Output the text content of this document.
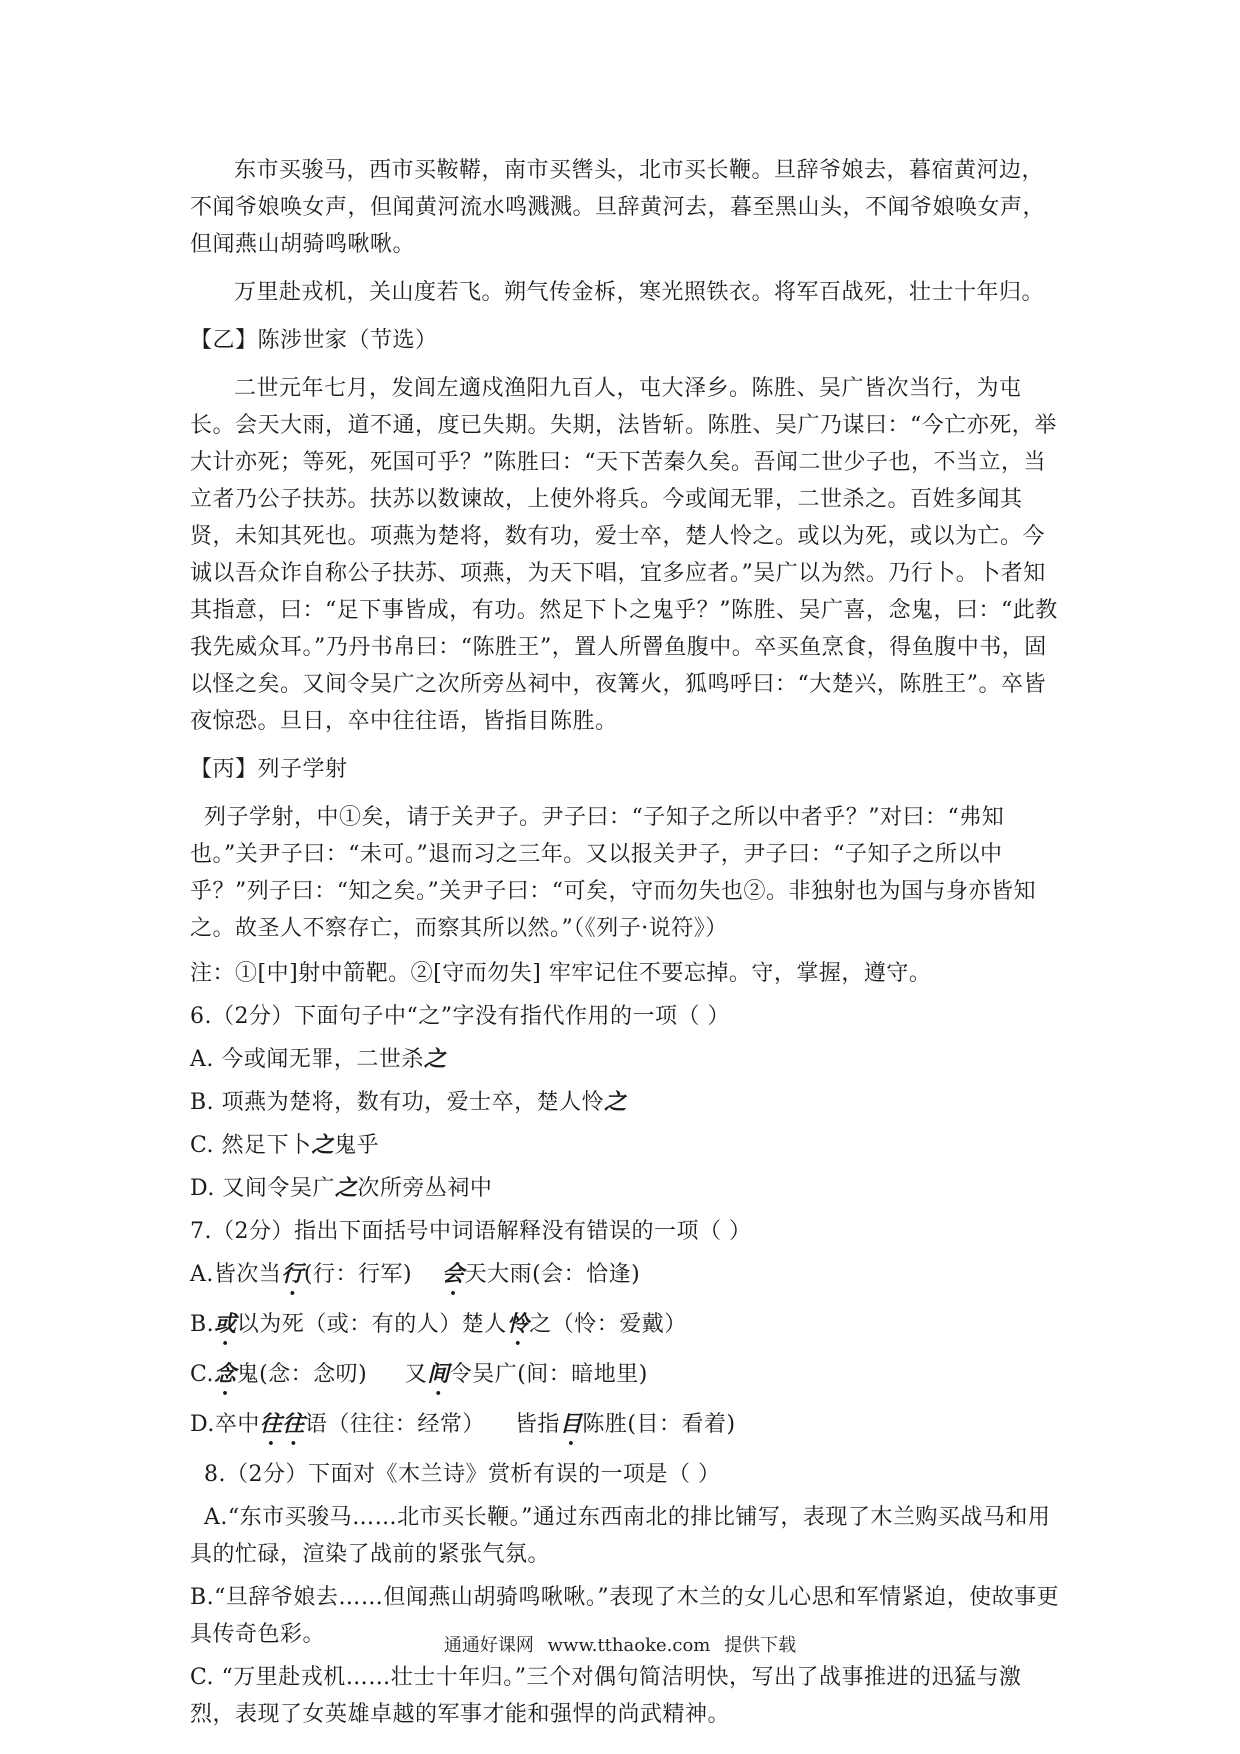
东市买骏马，西市买鞍鞯，南市买辔头，北市买长鞭。旦辞爷娘去，暮宿黄河边，不闻爷娘唤女声，但闻黄河流水鸣溅溅。旦辞黄河去，暮至黑山头，不闻爷娘唤女声，但闻燕山胡骑鸣啾啾。

万里赴戎机，关山度若飞。朔气传金柝，寒光照铁衣。将军百战死，壮士十年归。

【乙】陈涉世家（节选）

二世元年七月，发闾左適戍渔阳九百人，屯大泽乡。陈胜、吴广皆次当行，为屯长。会天大雨，道不通，度已失期。失期，法皆斩。陈胜、吴广乃谋曰：“今亡亦死，举大计亦死；等死，死国可乎？”陈胜曰：“天下苦秦久矣。吾闻二世少子也，不当立，当立者乃公子扶苏。扶苏以数谏故，上使外将兵。今或闻无罪，二世杀之。百姓多闻其贤，未知其死也。项燕为楚将，数有功，爱士卒，楚人怜之。或以为死，或以为亡。今诚以吾众诈自称公子扶苏、项燕，为天下唱，宜多应者。”吴广以为然。乃行卜。卜者知其指意，曰：“足下事皆成，有功。然足下卜之鬼乎？”陈胜、吴广喜，念鬼，曰：“此教我先威众耳。”乃丹书帛曰：“陈胜王”，置人所罾鱼腹中。卒买鱼烹食，得鱼腹中书，固以怪之矣。又间令吴广之次所旁丛祠中，夜篝火，狐鸣呼曰：“大楚兴，陈胜王”。卒皆夜惊恐。旦日，卒中往往语，皆指目陈胜。

【丙】列子学射

列子学射，中①矣，请于关尹子。尹子曰：“子知子之所以中者乎？”对曰：“弗知也。”关尹子曰：“未可。”退而习之三年。又以报关尹子，尹子曰：“子知子之所以中乎？”列子曰：“知之矣。”关尹子曰：“可矣，守而勿失也②。非独射也为国与身亦皆知之。故圣人不察存亡，而察其所以然。”（《列子·说符》）

注：①[中]射中箭靶。②[守而勿失] 牢牢记住不要忘掉。守，掌握，遵守。

6.（2分）下面句子中“之”字没有指代作用的一项（ ）

A. 今或闻无罪，二世杀之

B. 项燕为楚将，数有功，爱士卒，楚人怜之

C. 然足下卜之鬼乎

D. 又间令吴广之次所旁丛祠中

7.（2分）指出下面括号中词语解释没有错误的一项（ ）

A.皆次当行(行：行军)    会天大雨(会：恰逢)

B.或以为死（或：有的人）楚人怜之（怜：爱戴）

C.念鬼(念：念叨)     又间令吴广(间：暗地里)

D.卒中往往语（往往：经常）    皆指目陈胜(目：看着)

8.（2分）下面对《木兰诗》赏析有误的一项是（ ）

A.“东市买骏马……北市买长鞭。”通过东西南北的排比铺写，表现了木兰购买战马和用具的忙碌，渲染了战前的紧张气氛。

B.“旦辞爷娘去……但闻燕山胡骑鸣啾啾。”表现了木兰的女儿心思和军情紧迫，使故事更具传奇色彩。

C. “万里赴戎机……壮士十年归。”三个对偶句简洁明快，写出了战事推进的迅猛与激烈，表现了女英雄卓越的军事才能和强悍的尚武精神。

通通好课网 www.tthaoke.com 提供下载
